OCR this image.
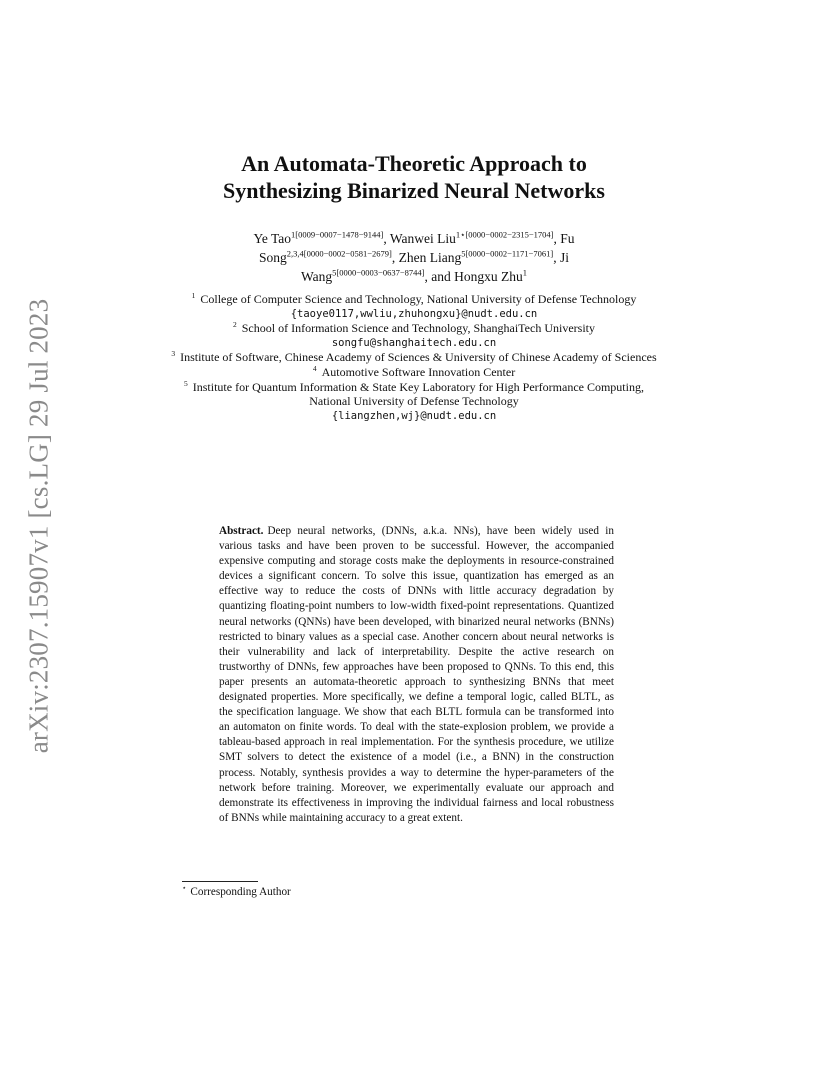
arXiv:2307.15907v1 [cs.LG] 29 Jul 2023
An Automata-Theoretic Approach to
Synthesizing Binarized Neural Networks
Ye Tao$^{1[0009-0007-1478-9144]}$, Wanwei Liu$^{1⋆[0000-0002-2315-1704]}$, Fu Song$^{2,3,4[0000-0002-0581-2679]}$, Zhen Liang$^{5[0000-0002-1171-7061]}$, Ji Wang$^{5[0000-0003-0637-8744]}$, and Hongxu Zhu$^1$
$^1$ College of Computer Science and Technology, National University of Defense Technology
{taoye0117,wwliu,zhuhongxu}@nudt.edu.cn
$^2$ School of Information Science and Technology, ShanghaiTech University
songfu@shanghaitech.edu.cn
$^3$ Institute of Software, Chinese Academy of Sciences & University of Chinese Academy of Sciences
$^4$ Automotive Software Innovation Center
$^5$ Institute for Quantum Information & State Key Laboratory for High Performance Computing, National University of Defense Technology
{liangzhen,wj}@nudt.edu.cn
Abstract. Deep neural networks, (DNNs, a.k.a. NNs), have been widely used in various tasks and have been proven to be successful. However, the accompanied expensive computing and storage costs make the deployments in resource-constrained devices a significant concern. To solve this issue, quantization has emerged as an effective way to reduce the costs of DNNs with little accuracy degradation by quantizing floating-point numbers to low-width fixed-point representations. Quantized neural networks (QNNs) have been developed, with binarized neural networks (BNNs) restricted to binary values as a special case. Another concern about neural networks is their vulnerability and lack of interpretability. Despite the active research on trustworthy of DNNs, few approaches have been proposed to QNNs. To this end, this paper presents an automata-theoretic approach to synthesizing BNNs that meet designated properties. More specifically, we define a temporal logic, called BLTL, as the specification language. We show that each BLTL formula can be transformed into an automaton on finite words. To deal with the state-explosion problem, we provide a tableau-based approach in real implementation. For the synthesis procedure, we utilize SMT solvers to detect the existence of a model (i.e., a BNN) in the construction process. Notably, synthesis provides a way to determine the hyper-parameters of the network before training. Moreover, we experimentally evaluate our approach and demonstrate its effectiveness in improving the individual fairness and local robustness of BNNs while maintaining accuracy to a great extent.
⋆ Corresponding Author
